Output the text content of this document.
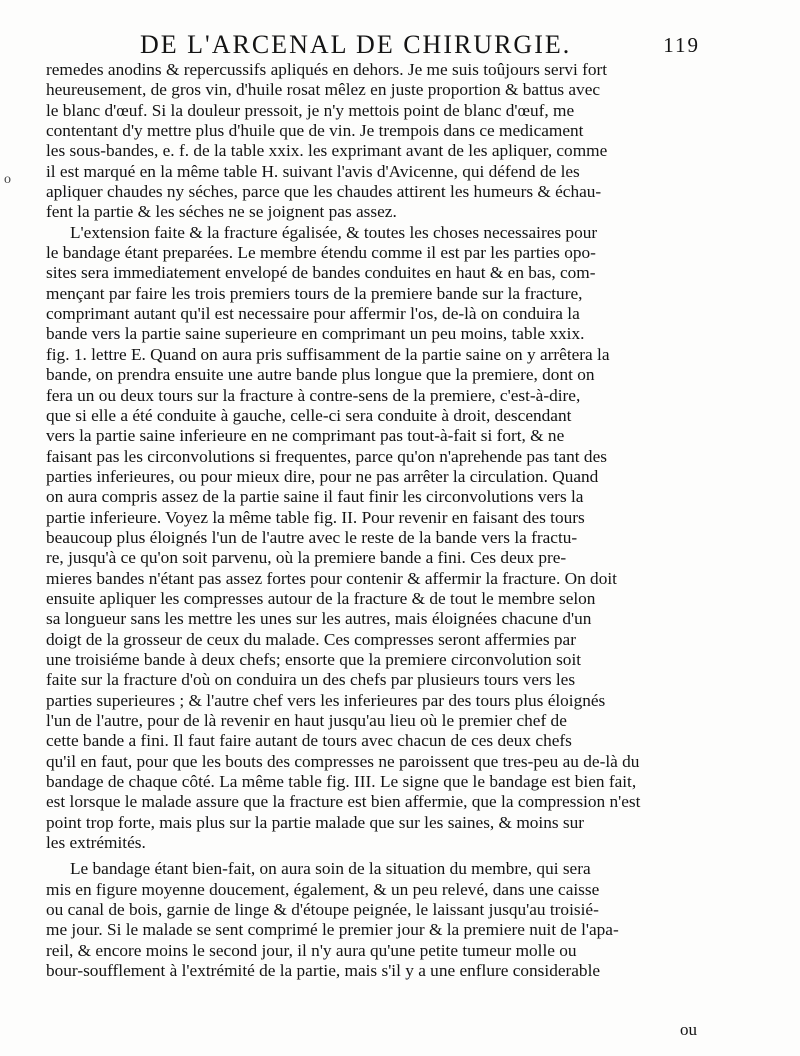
DE L'ARCENAL DE CHIRURGIE.	119
o

remedes anodins & repercussifs apliqués en dehors. Je me suis toûjours servi fort
heureusement, de gros vin, d'huile rosat mêlez en juste proportion & battus avec
le blanc d'œuf. Si la douleur pressoit, je n'y mettois point de blanc d'œuf, me
contentant d'y mettre plus d'huile que de vin. Je trempois dans ce medicament
les sous-bandes, e. f. de la table xxix. les exprimant avant de les apliquer, comme
il est marqué en la même table H. suivant l'avis d'Avicenne, qui défend de les
apliquer chaudes ny séches, parce que les chaudes attirent les humeurs & échau-
fent la partie & les séches ne se joignent pas assez.

L'extension faite & la fracture égalisée, & toutes les choses necessaires pour
le bandage étant preparées. Le membre étendu comme il est par les parties opo-
sites sera immediatement envelopé de bandes conduites en haut & en bas, com-
mençant par faire les trois premiers tours de la premiere bande sur la fracture,
comprimant autant qu'il est necessaire pour affermir l'os, de-là on conduira la
bande vers la partie saine superieure en comprimant un peu moins, table xxix.
fig. 1. lettre E. Quand on aura pris suffisamment de la partie saine on y arrêtera la
bande, on prendra ensuite une autre bande plus longue que la premiere, dont on
fera un ou deux tours sur la fracture à contre-sens de la premiere, c'est-à-dire,
que si elle a été conduite à gauche, celle-ci sera conduite à droit, descendant
vers la partie saine inferieure en ne comprimant pas tout-à-fait si fort, & ne
faisant pas les circonvolutions si frequentes, parce qu'on n'aprehende pas tant des
parties inferieures, ou pour mieux dire, pour ne pas arrêter la circulation. Quand
on aura compris assez de la partie saine il faut finir les circonvolutions vers la
partie inferieure. Voyez la même table fig. II. Pour revenir en faisant des tours
beaucoup plus éloignés l'un de l'autre avec le reste de la bande vers la fractu-
re, jusqu'à ce qu'on soit parvenu, où la premiere bande a fini. Ces deux pre-
mieres bandes n'étant pas assez fortes pour contenir & affermir la fracture. On doit
ensuite apliquer les compresses autour de la fracture & de tout le membre selon
sa longueur sans les mettre les unes sur les autres, mais éloignées chacune d'un
doigt de la grosseur de ceux du malade. Ces compresses seront affermies par
une troisiéme bande à deux chefs; ensorte que la premiere circonvolution soit
faite sur la fracture d'où on conduira un des chefs par plusieurs tours vers les
parties superieures ; & l'autre chef vers les inferieures par des tours plus éloignés
l'un de l'autre, pour de là revenir en haut jusqu'au lieu où le premier chef de
cette bande a fini. Il faut faire autant de tours avec chacun de ces deux chefs
qu'il en faut, pour que les bouts des compresses ne paroissent que tres-peu au de-là du
bandage de chaque côté. La même table fig. III. Le signe que le bandage est bien fait,
est lorsque le malade assure que la fracture est bien affermie, que la compression n'est
point trop forte, mais plus sur la partie malade que sur les saines, & moins sur
les extrémités.

Le bandage étant bien-fait, on aura soin de la situation du membre, qui sera
mis en figure moyenne doucement, également, & un peu relevé, dans une caisse
ou canal de bois, garnie de linge & d'étoupe peignée, le laissant jusqu'au troisié-
me jour. Si le malade se sent comprimé le premier jour & la premiere nuit de l'apa-
reil, & encore moins le second jour, il n'y aura qu'une petite tumeur molle ou
bour-soufflement à l'extrémité de la partie, mais s'il y a une enflure considerable

ou
